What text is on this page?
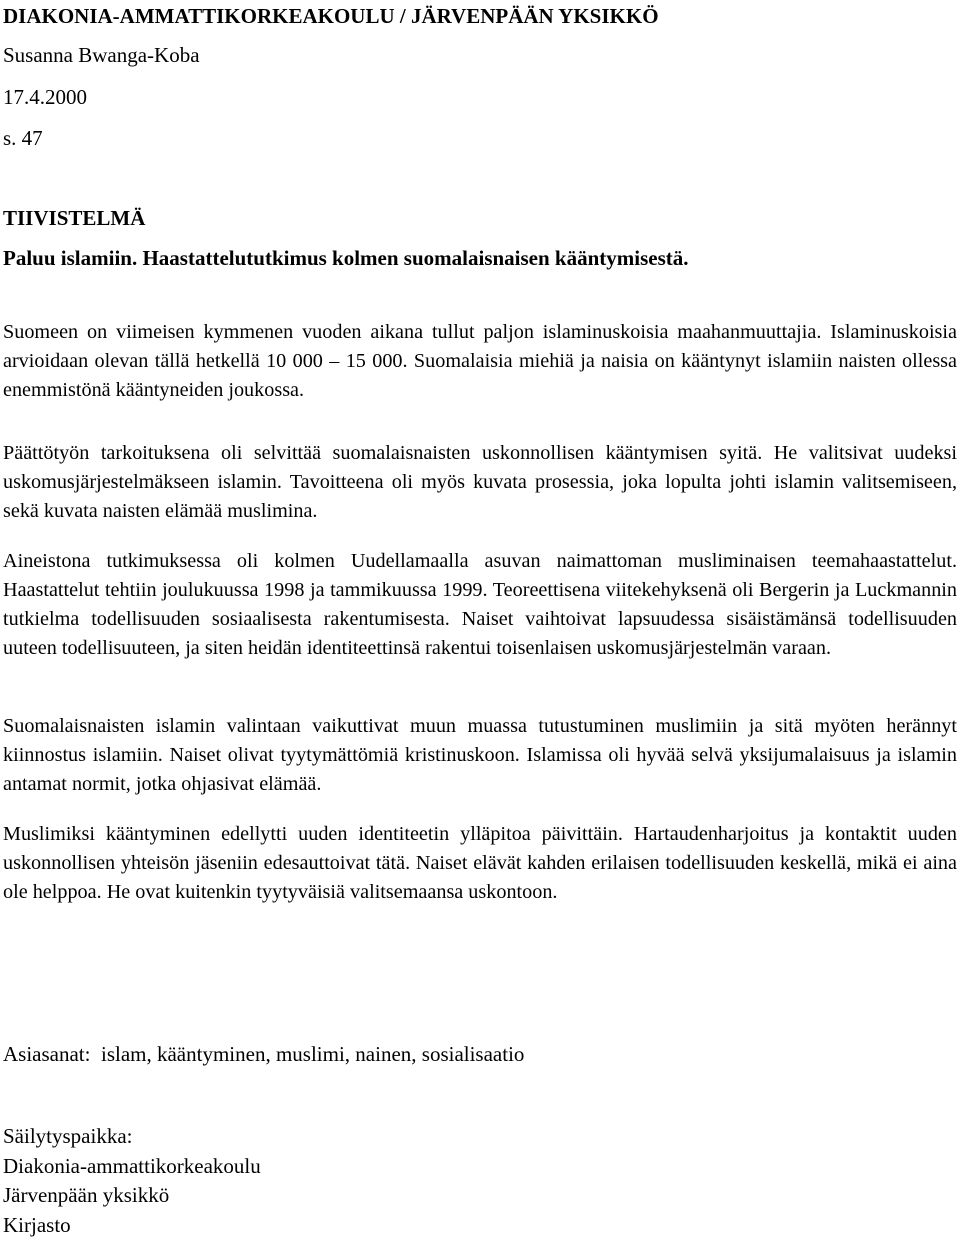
DIAKONIA-AMMATTIKORKEAKOULU / JÄRVENPÄÄN YKSIKKÖ

Susanna Bwanga-Koba

17.4.2000

s. 47

TIIVISTELMÄ

Paluu islamiin. Haastattelututkimus kolmen suomalaisnaisen kääntymisestä.

Suomeen on viimeisen kymmenen vuoden aikana tullut paljon islaminuskoisia maahanmuuttajia. Islaminuskoisia arvioidaan olevan tällä hetkellä 10 000 – 15 000. Suomalaisia miehiä ja naisia on kääntynyt islamiin naisten ollessa enemmistönä kääntyneiden joukossa.

Päättötyön tarkoituksena oli selvittää suomalaisnaisten uskonnollisen kääntymisen syitä. He valitsivat uudeksi uskomusjärjestelmäkseen islamin. Tavoitteena oli myös kuvata prosessia, joka lopulta johti islamin valitsemiseen, sekä kuvata naisten elämää muslimina.

Aineistona tutkimuksessa oli kolmen Uudellamaalla asuvan naimattoman musliminaisen teemahaastattelut. Haastattelut tehtiin joulukuussa 1998 ja tammikuussa 1999. Teoreettisena viitekehyksenä oli Bergerin ja Luckmannin tutkielma todellisuuden sosiaalisesta rakentumisesta. Naiset vaihtoivat lapsuudessa sisäistämänsä todellisuuden uuteen todellisuuteen, ja siten heidän identiteettinsä rakentui toisenlaisen uskomusjärjestelmän varaan.

Suomalaisnaisten islamin valintaan vaikuttivat muun muassa tutustuminen muslimiin ja sitä myöten herännyt kiinnostus islamiin. Naiset olivat tyytymättömiä kristinuskoon. Islamissa oli hyvää selvä yksijumalaisuus ja islamin antamat normit, jotka ohjasivat elämää.

Muslimiksi kääntyminen edellytti uuden identiteetin ylläpitoa päivittäin. Hartaudenharjoitus ja kontaktit uuden uskonnollisen yhteisön jäseniin edesauttoivat tätä. Naiset elävät kahden erilaisen todellisuuden keskellä, mikä ei aina ole helppoa. He ovat kuitenkin tyytyväisiä valitsemaansa uskontoon.

Asiasanat: islam, kääntyminen, muslimi, nainen, sosialisaatio

Säilytyspaikka:
Diakonia-ammattikorkeakoulu
Järvenpään yksikkö
Kirjasto
